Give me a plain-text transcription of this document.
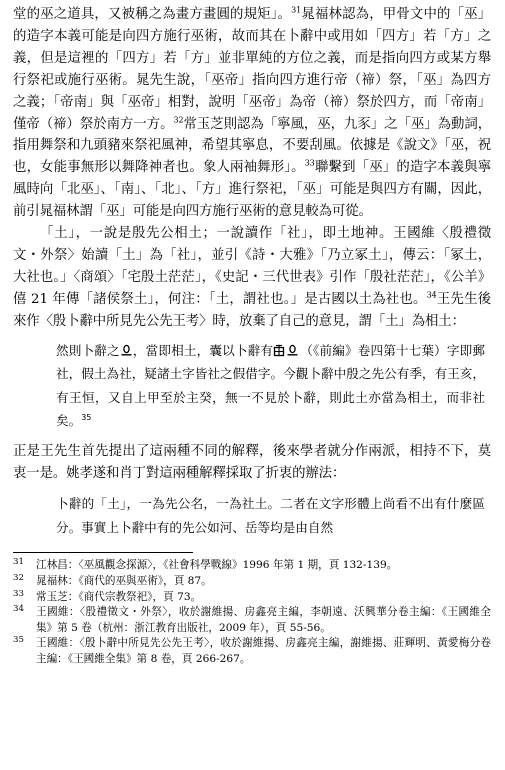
堂的巫之道具，又被稱之為畫方畫圓的規矩」。$^{31}$晁福林認為，甲骨文中的「巫」的造字本義可能是向四方施行巫術，故而其在卜辭中或用如「四方」若「方」之義，但是這裡的「四方」若「方」並非單純的方位之義，而是指向四方或某方舉行祭祀或施行巫術。晁先生說，「巫帝」指向四方進行帝（禘）祭，「巫」為四方之義；「帝南」與「巫帝」相對，說明「巫帝」為帝（禘）祭於四方，而「帝南」僅帝（禘）祭於南方一方。$^{32}$常玉芝則認為「寧風，巫，九豕」之「巫」為動詞，指用舞祭和九頭豬來祭祀風神，希望其寧息，不要刮風。依據是《說文》「巫，祝也，女能事無形以舞降神者也。象人兩袖舞形」。$^{33}$聯繫到「巫」的造字本義與寧風時向「北巫」、「南」、「北」、「方」進行祭祀，「巫」可能是與四方有關，因此，前引晁福林謂「巫」可能是向四方施行巫術的意見較為可從。

「土」，一說是殷先公相土；一說讀作「社」，即土地神。王國維〈殷禮徵文・外祭〉始讀「土」為「社」，並引《詩・大雅》「乃立冢土」，傳云：「冢土，大社也。」〈商頌〉「宅殷土茫茫」，《史記・三代世表》引作「殷社茫茫」，《公羊》僖 21 年傳「諸侯祭土」，何注：「土，謂社也。」是古國以土為社也。$^{34}$王先生後來作〈殷卜辭中所見先公先王考〉時，放棄了自己的意見，謂「土」為相土：

然則卜辭之 ，當即相土，囊以卜辭有 （《前編》卷四第十七葉）字即郵社，假土為社，疑諸土字皆社之假借字。今觀卜辭中殷之先公有季，有王亥，有王恒，又自上甲至於主癸，無一不見於卜辭，則此土亦當為相土，而非社矣。$^{35}$

正是王先生首先提出了這兩種不同的解釋，後來學者就分作兩派，相持不下，莫衷一是。姚孝遂和肖丁對這兩種解釋採取了折衷的辦法：

卜辭的「土」，一為先公名，一為社土。二者在文字形體上尚看不出有什麼區分。事實上卜辭中有的先公如河、岳等均是由自然
31	江林昌：〈巫風觀念探源〉，《社會科學戰線》1996 年第 1 期，頁 132-139。
32	晁福林：《商代的巫與巫術》，頁 87。
33	常玉芝：《商代宗教祭祀》，頁 73。
34	王國維：〈殷禮徵文・外祭〉，收於謝維揚、房鑫亮主編，李朝遠、沃興華分卷主編：《王國維全集》第 5 卷（杭州：浙江教育出版社，2009 年），頁 55-56。
35	王國維：〈殷卜辭中所見先公先王考〉，收於謝維揚、房鑫亮主編，謝維揚、莊輝明、黃愛梅分卷主編：《王國維全集》第 8 卷，頁 266-267。
